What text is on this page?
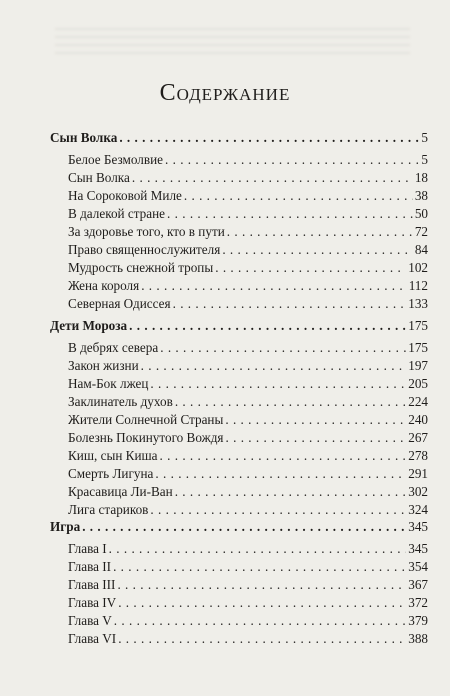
Содержание
Сын Волка . . .	5
Белое Безмолвие . . .	5
Сын Волка . . .	18
На Сороковой Миле . . .	38
В далекой стране . . .	50
За здоровье того, кто в пути . . .	72
Право священнослужителя . . .	84
Мудрость снежной тропы . . .	102
Жена короля . . .	112
Северная Одиссея . . .	133
Дети Мороза . . .	175
В дебрях севера . . .	175
Закон жизни . . .	197
Нам-Бок лжец . . .	205
Заклинатель духов . . .	224
Жители Солнечной Страны . . .	240
Болезнь Покинутого Вождя . . .	267
Киш, сын Киша . . .	278
Смерть Лигуна . . .	291
Красавица Ли-Ван . . .	302
Лига стариков . . .	324
Игра . . .	345
Глава I . . .	345
Глава II . . .	354
Глава III . . .	367
Глава IV . . .	372
Глава V . . .	379
Глава VI . . .	388
